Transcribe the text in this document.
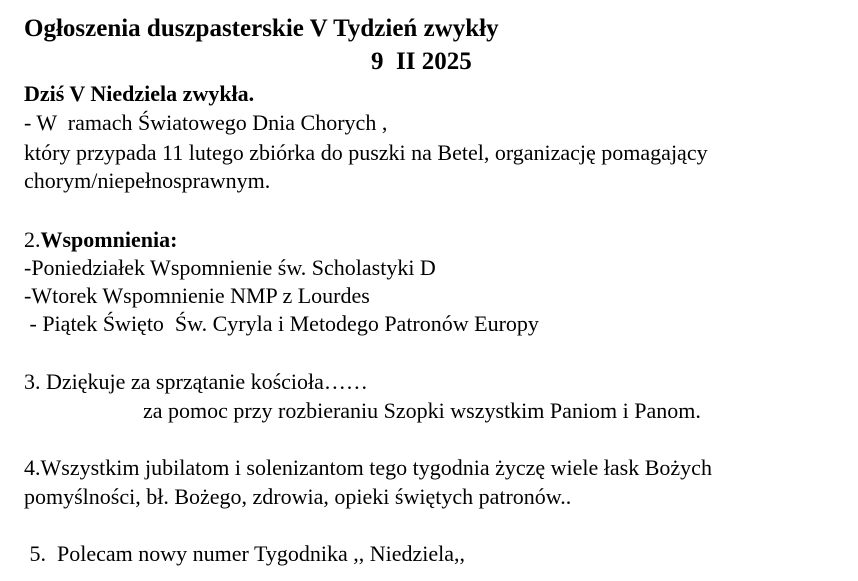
Ogłoszenia duszpasterskie V Tydzień zwykły
9  II 2025
Dziś V Niedziela zwykła.
- W  ramach Światowego Dnia Chorych ,
który przypada 11 lutego zbiórka do puszki na Betel, organizację pomagający
chorym/niepełnosprawnym.
2.Wspomnienia:
-Poniedziałek Wspomnienie św. Scholastyki D
-Wtorek Wspomnienie NMP z Lourdes
- Piątek Święto  Św. Cyryla i Metodego Patronów Europy
3. Dziękuje za sprzątanie kościoła……
za pomoc przy rozbieraniu Szopki wszystkim Paniom i Panom.
4.Wszystkim jubilatom i solenizantom tego tygodnia życzę wiele łask Bożych
pomyślności, bł. Bożego, zdrowia, opieki świętych patronów..
5.  Polecam nowy numer Tygodnika ,, Niedziela,,
